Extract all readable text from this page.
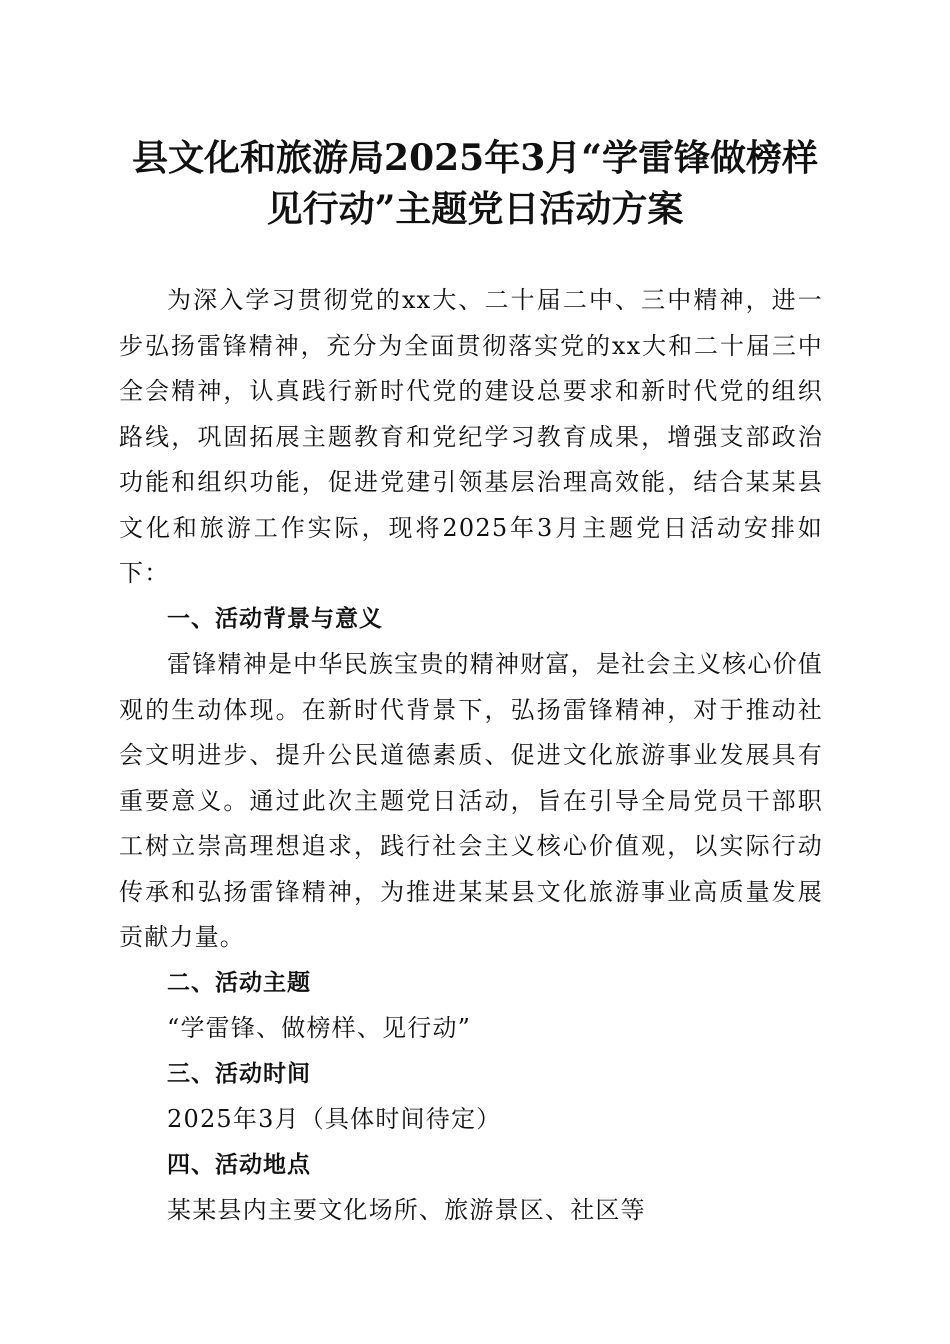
县文化和旅游局2025年3月“学雷锋做榜样
见行动”主题党日活动方案

为深入学习贯彻党的xx大、二十届二中、三中精神，进一步弘扬雷锋精神，充分为全面贯彻落实党的xx大和二十届三中全会精神，认真践行新时代党的建设总要求和新时代党的组织路线，巩固拓展主题教育和党纪学习教育成果，增强支部政治功能和组织功能，促进党建引领基层治理高效能，结合某某县文化和旅游工作实际，现将2025年3月主题党日活动安排如下：

一、活动背景与意义

雷锋精神是中华民族宝贵的精神财富，是社会主义核心价值观的生动体现。在新时代背景下，弘扬雷锋精神，对于推动社会文明进步、提升公民道德素质、促进文化旅游事业发展具有重要意义。通过此次主题党日活动，旨在引导全局党员干部职工树立崇高理想追求，践行社会主义核心价值观，以实际行动传承和弘扬雷锋精神，为推进某某县文化旅游事业高质量发展贡献力量。

二、活动主题

“学雷锋、做榜样、见行动”

三、活动时间

2025年3月（具体时间待定）

四、活动地点

某某县内主要文化场所、旅游景区、社区等
